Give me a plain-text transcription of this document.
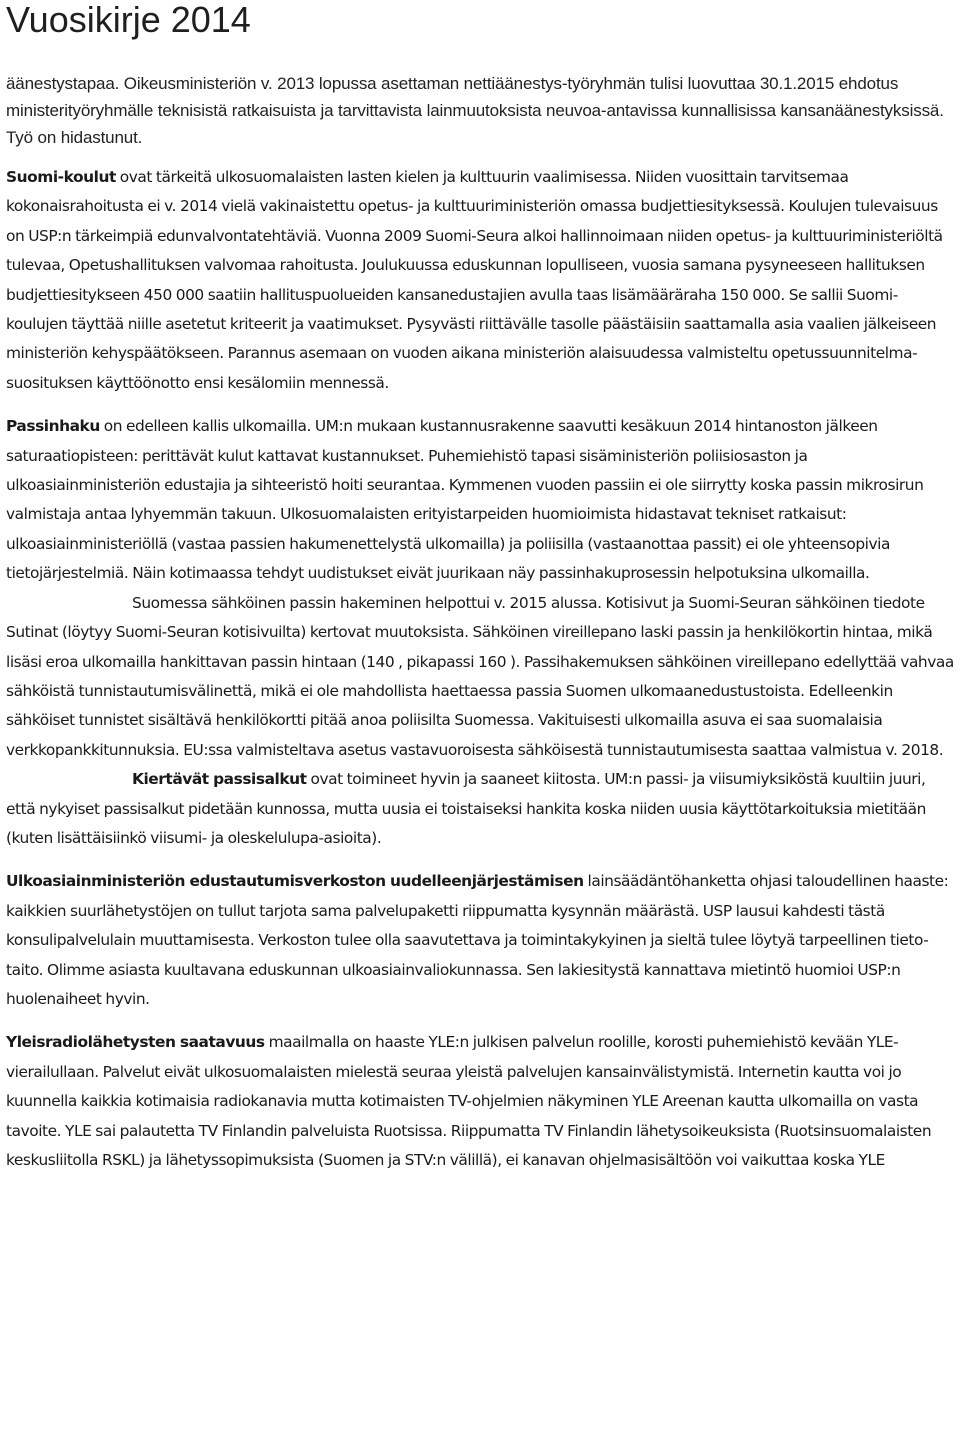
Vuosikirje 2014
äänestystapaa. Oikeusministeriön v. 2013 lopussa asettaman nettiäänestys-työryhmän tulisi luovuttaa 30.1.2015 ehdotus ministerityöryhmälle teknisistä ratkaisuista ja tarvittavista lainmuutoksista neuvoa-antavissa kunnallisissa kansanäänestyksissä. Työ on hidastunut.

Suomi-koulut ovat tärkeitä ulkosuomalaisten lasten kielen ja kulttuurin vaalimisessa. Niiden vuosittain tarvitsemaa kokonaisrahoitusta ei v. 2014 vielä vakinaistettu opetus- ja kulttuuriministeriön omassa budjettiesityksessä. Koulujen tulevaisuus on USP:n tärkeimpiä edunvalvontatehtäviä. Vuonna 2009 Suomi-Seura alkoi hallinnoimaan niiden opetus- ja kulttuuriministeriöltä tulevaa, Opetushallituksen valvomaa rahoitusta. Joulukuussa eduskunnan lopulliseen, vuosia samana pysyneeseen hallituksen budjettiesitykseen 450 000 saatiin hallituspuolueiden kansanedustajien avulla taas lisämääräraha 150 000. Se sallii Suomi-koulujen täyttää niille asetetut kriteerit ja vaatimukset. Pysyvästi riittävälle tasolle päästäisiin saattamalla asia vaalien jälkeiseen ministeriön kehyspäätökseen. Parannus asemaan on vuoden aikana ministeriön alaisuudessa valmisteltu opetussuunnitelma-suosituksen käyttöönotto ensi kesälomiin mennessä.

Passinhaku on edelleen kallis ulkomailla. UM:n mukaan kustannusrakenne saavutti kesäkuun 2014 hintanoston jälkeen saturaatiopisteen: perittävät kulut kattavat kustannukset. Puhemiehistö tapasi sisäministeriön poliisiosaston ja ulkoasiainministeriön edustajia ja sihteeristö hoiti seurantaa. Kymmenen vuoden passiin ei ole siirrytty koska passin mikrosirun valmistaja antaa lyhyemmän takuun. Ulkosuomalaisten erityistarpeiden huomioimista hidastavat tekniset ratkaisut: ulkoasiainministeriöllä (vastaa passien hakumenettelystä ulkomailla) ja poliisilla (vastaanottaa passit) ei ole yhteensopivia tietojärjestelmiä. Näin kotimaassa tehdyt uudistukset eivät juurikaan näy passinhakuprosessin helpotuksina ulkomailla.

Suomessa sähköinen passin hakeminen helpottui v. 2015 alussa. Kotisivut ja Suomi-Seuran sähköinen tiedote Sutinat (löytyy Suomi-Seuran kotisivuilta) kertovat muutoksista. Sähköinen vireillepano laski passin ja henkilökortin hintaa, mikä lisäsi eroa ulkomailla hankittavan passin hintaan (140 , pikapassi 160 ). Passihakemuksen sähköinen vireillepano edellyttää vahvaa sähköistä tunnistautumisvälinettä, mikä ei ole mahdollista haettaessa passia Suomen ulkomaanedustustoista. Edelleenkin sähköiset tunnistet sisältävä henkilökortti pitää anoa poliisilta Suomessa. Vakituisesti ulkomailla asuva ei saa suomalaisia verkkopankkitunnuksia. EU:ssa valmisteltava asetus vastavuoroisesta sähköisestä tunnistautumisesta saattaa valmistua v. 2018.

Kiertävät passisalkut ovat toimineet hyvin ja saaneet kiitosta. UM:n passi- ja viisumiyksiköstä kuultiin juuri, että nykyiset passisalkut pidetään kunnossa, mutta uusia ei toistaiseksi hankita koska niiden uusia käyttötarkoituksia mietitään (kuten lisättäisiinkö viisumi- ja oleskelulupa-asioita).

Ulkoasiainministeriön edustautumisverkoston uudelleenjärjestämisen lainsäädäntöhanketta ohjasi taloudellinen haaste: kaikkien suurlähetystöjen on tullut tarjota sama palvelupaketti riippumatta kysynnän määrästä. USP lausui kahdesti tästä konsulipalvelulain muuttamisesta. Verkoston tulee olla saavutettava ja toimintakykyinen ja sieltä tulee löytyä tarpeellinen tieto-taito. Olimme asiasta kuultavana eduskunnan ulkoasiainvaliokunnassa. Sen lakiesitystä kannattava mietintö huomioi USP:n huolenaiheet hyvin.

Yleisradiolähetysten saatavuus maailmalla on haaste YLE:n julkisen palvelun roolille, korosti puhemiehistö kevään YLE-vierailullaan. Palvelut eivät ulkosuomalaisten mielestä seuraa yleistä palvelujen kansainvälistymistä. Internetin kautta voi jo kuunnella kaikkia kotimaisia radiokanavia mutta kotimaisten TV-ohjelmien näkyminen YLE Areenan kautta ulkomailla on vasta tavoite. YLE sai palautetta TV Finlandin palveluista Ruotsissa. Riippumatta TV Finlandin lähetysoikeuksista (Ruotsinsuomalaisten keskusliitolla RSKL) ja lähetyssopimuksista (Suomen ja STV:n välillä), ei kanavan ohjelmasisältöön voi vaikuttaa koska YLE
